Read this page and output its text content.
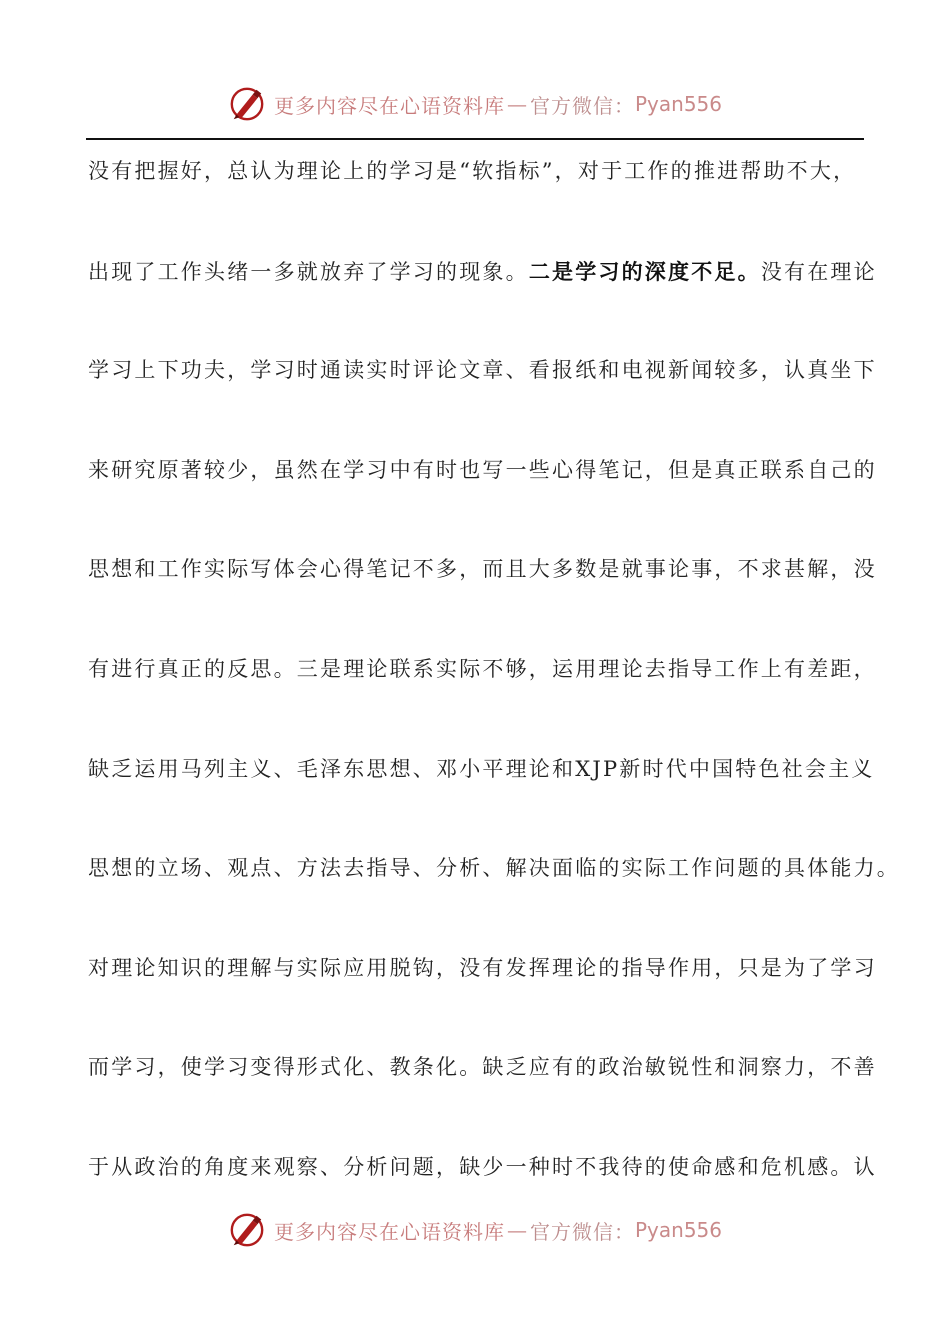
更多内容尽在心语资料库 — 官方微信： Pyan556
没有把握好，总认为理论上的学习是“软指标”，对于工作的推进帮助不大，
出现了工作头绪一多就放弃了学习的现象。二是学习的深度不足。没有在理论
学习上下功夫，学习时通读实时评论文章、看报纸和电视新闻较多，认真坐下
来研究原著较少，虽然在学习中有时也写一些心得笔记，但是真正联系自己的
思想和工作实际写体会心得笔记不多，而且大多数是就事论事，不求甚解，没
有进行真正的反思。三是理论联系实际不够，运用理论去指导工作上有差距，
缺乏运用马列主义、毛泽东思想、邓小平理论和XJP新时代中国特色社会主义
思想的立场、观点、方法去指导、分析、解决面临的实际工作问题的具体能力。
对理论知识的理解与实际应用脱钩，没有发挥理论的指导作用，只是为了学习
而学习，使学习变得形式化、教条化。缺乏应有的政治敏锐性和洞察力，不善
于从政治的角度来观察、分析问题，缺少一种时不我待的使命感和危机感。认
更多内容尽在心语资料库 — 官方微信： Pyan556
